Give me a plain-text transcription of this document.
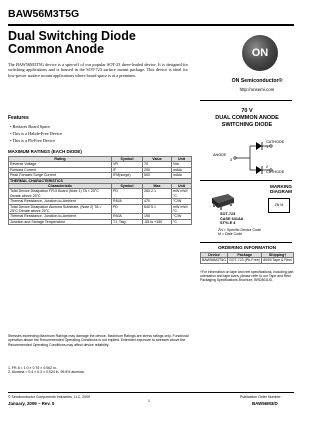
BAW56M3T5G
Dual Switching Diode
Common Anode
The BAW56M3T5G device is a spin-off of our popular SOT-23 three-leaded device. It is designed for switching applications and is housed in the SOT-723 surface mount package. This device is ideal for low-power surface mount applications where board space is at a premium.
Features
• Reduces Board Space
• This is a Halide-Free Device
• This is a Pb-Free Device
MAXIMUM RATINGS (EACH DIODE)
Rating	Symbol	Value	Unit
Reverse Voltage	VR	70	Vdc
Forward Current	IF	200	mAdc
Peak Forward Surge Current	IFM(surge)	500	mAdc
THERMAL CHARACTERISTICS			
Characteristic	Symbol	Max	Unit
Total Device Dissipation FR-5 Board (Note 1) TA = 25°C Derate above 25°C	PD	265 2.1	mW mW/°C
Thermal Resistance, Junction-to-Ambient	RθJA	470	°C/W
Total Device Dissipation Alumina Substrate, (Note 2) TA = 25°C Derate above 25°C	PD	640 5.1	mW mW/°C
Thermal Resistance, Junction-to-Ambient	RθJA	195	°C/W
Junction and Storage Temperature	TJ, Tstg	-55 to +150	°C
Stresses exceeding Maximum Ratings may damage the device. Maximum Ratings are stress ratings only. Functional operation above the Recommended Operating Conditions is not implied. Extended exposure to stresses above the Recommended Operating Conditions may affect device reliability.
1. FR-5 = 1.0 × 0.75 × 0.062 in.
2. Alumina = 0.4 × 0.3 × 0.024 in. 99.5% alumina.
ON
ON Semiconductor®
http://onsemi.com
70 V
DUAL COMMON ANODE
SWITCHING DIODE
ANODE
3
CATHODE
1
2
CATHODE
MARKING
DIAGRAM
SOT-723
CASE 631AA
STYLE 4
ZN M
ZN = Specific Device Code
M = Date Code
ORDERING INFORMATION
Device	Package	Shipping†
BAW56M3T5G	SOT-723 (Pb-Free)	8000/Tape & Reel
†For information on tape and reel specifications, including part orientation and tape sizes, please refer to our Tape and Reel Packaging Specifications Brochure, BRD8011/D.
© Semiconductor Components Industries, LLC, 2009
January, 2009 − Rev. 0	1
Publication Order Number:
BAW56M3/D
